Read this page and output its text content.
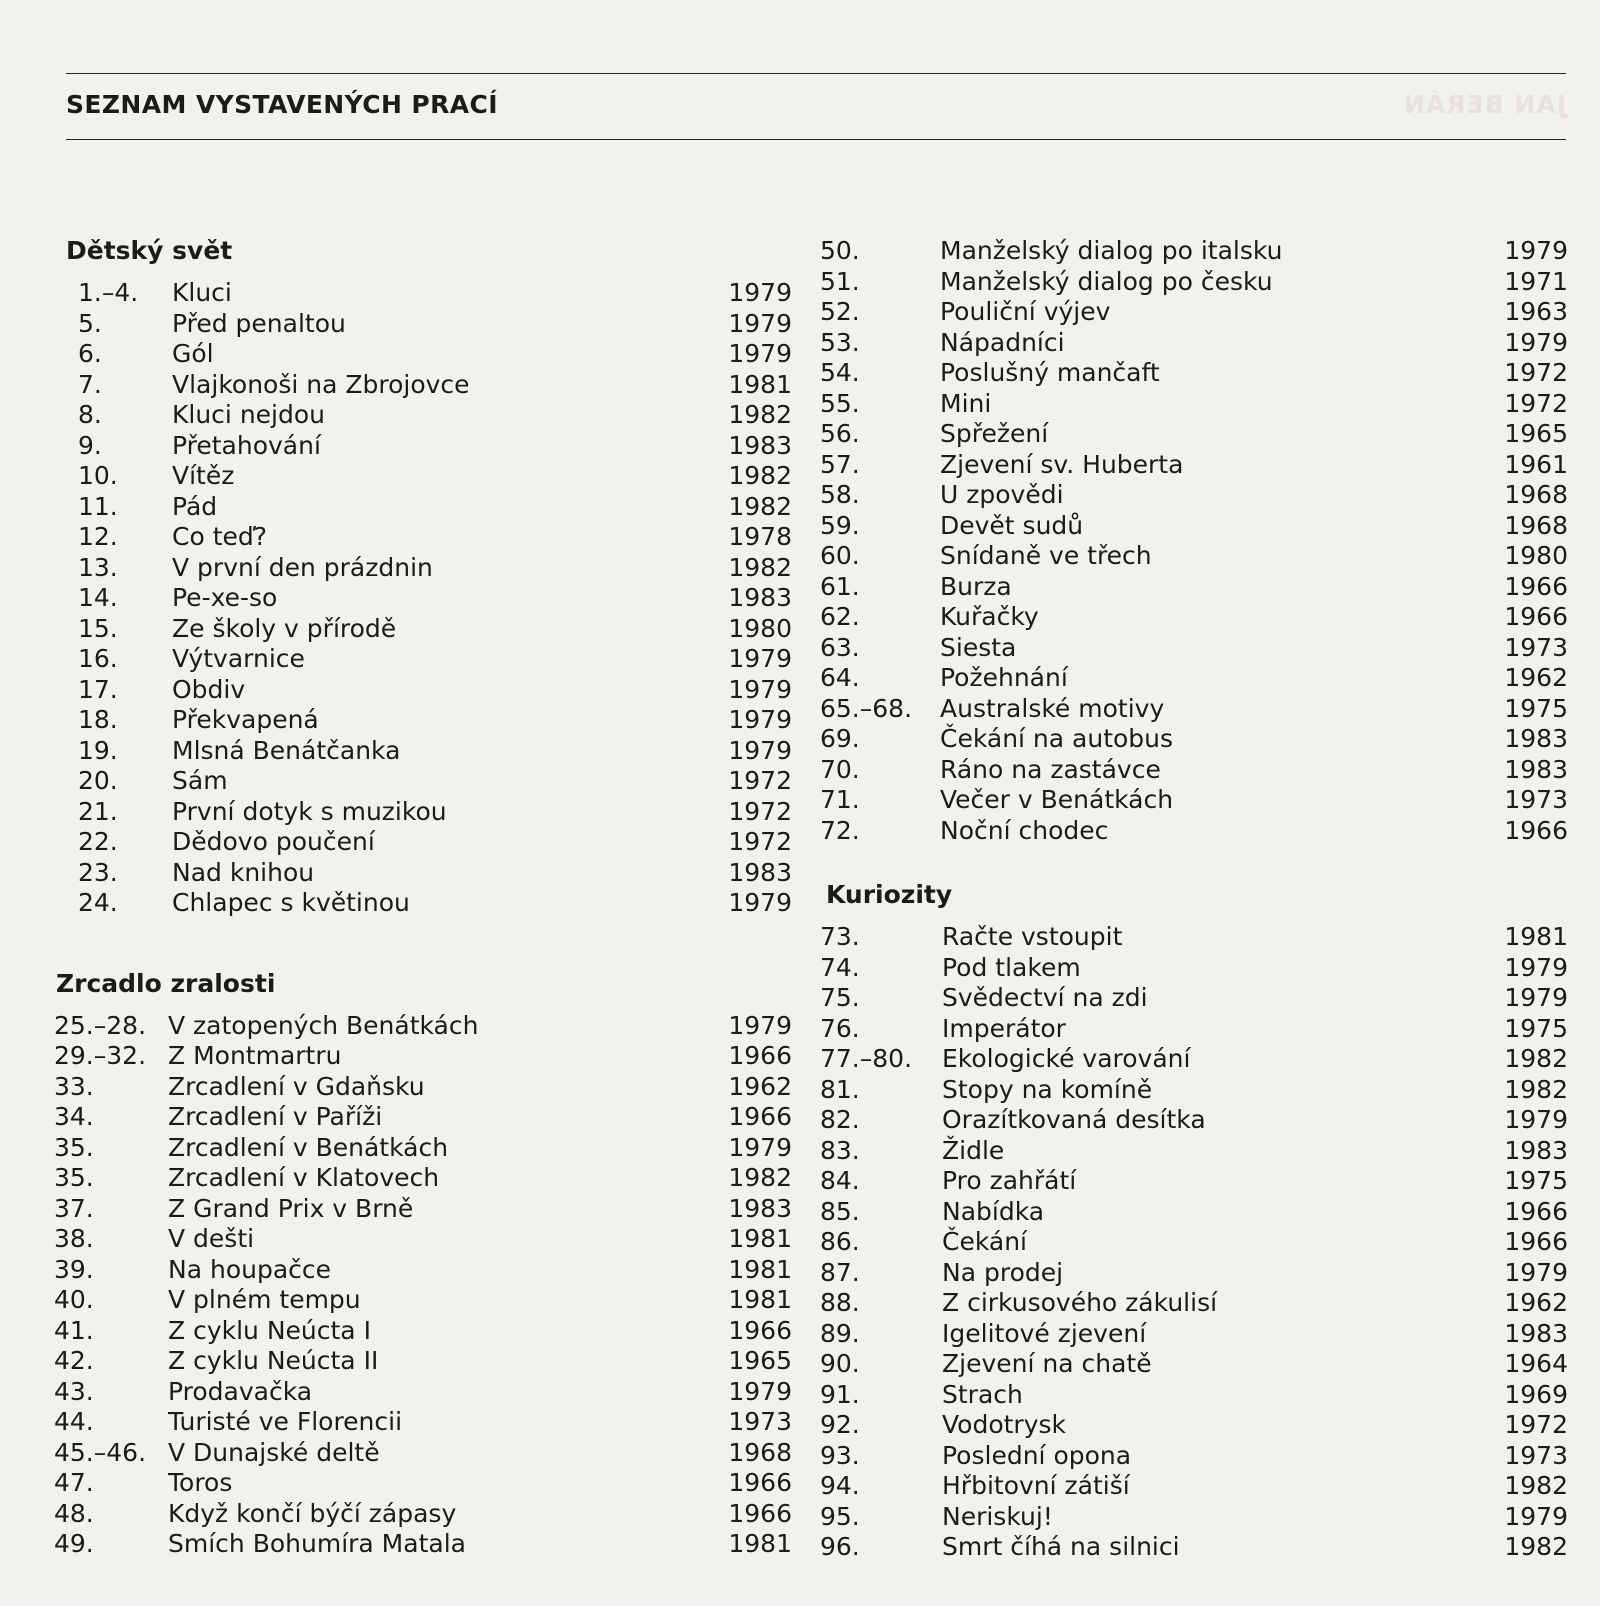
SEZNAM VYSTAVENÝCH PRACÍ	JAN BERÁN
Dětský svět
1.–4.	Kluci	1979
5.	Před penaltou	1979
6.	Gól	1979
7.	Vlajkonoši na Zbrojovce	1981
8.	Kluci nejdou	1982
9.	Přetahování	1983
10.	Vítěz	1982
11.	Pád	1982
12.	Co teď?	1978
13.	V první den prázdnin	1982
14.	Pe-xe-so	1983
15.	Ze školy v přírodě	1980
16.	Výtvarnice	1979
17.	Obdiv	1979
18.	Překvapená	1979
19.	Mlsná Benátčanka	1979
20.	Sám	1972
21.	První dotyk s muzikou	1972
22.	Dědovo poučení	1972
23.	Nad knihou	1983
24.	Chlapec s květinou	1979
Zrcadlo zralosti
25.–28. V zatopených Benátkách	1979
29.–32. Z Montmartru	1966
33.	Zrcadlení v Gdaňsku	1962
34.	Zrcadlení v Paříži	1966
35.	Zrcadlení v Benátkách	1979
35.	Zrcadlení v Klatovech	1982
37.	Z Grand Prix v Brně	1983
38.	V dešti	1981
39.	Na houpačce	1981
40.	V plném tempu	1981
41.	Z cyklu Neúcta I	1966
42.	Z cyklu Neúcta II	1965
43.	Prodavačka	1979
44.	Turisté ve Florencii	1973
45.–46. V Dunajské deltě	1968
47.	Toros	1966
48.	Když končí býčí zápasy	1966
49.	Smích Bohumíra Matala	1981
50.	Manželský dialog po italsku	1979
51.	Manželský dialog po česku	1971
52.	Pouliční výjev	1963
53.	Nápadníci	1979
54.	Poslušný mančaft	1972
55.	Mini	1972
56.	Spřežení	1965
57.	Zjevení sv. Huberta	1961
58.	U zpovědi	1968
59.	Devět sudů	1968
60.	Snídaně ve třech	1980
61.	Burza	1966
62.	Kuřačky	1966
63.	Siesta	1973
64.	Požehnání	1962
65.–68.	Australské motivy	1975
69.	Čekání na autobus	1983
70.	Ráno na zastávce	1983
71.	Večer v Benátkách	1973
72.	Noční chodec	1966
Kuriozity
73.	Račte vstoupit	1981
74.	Pod tlakem	1979
75.	Svědectví na zdi	1979
76.	Imperátor	1975
77.–80.	Ekologické varování	1982
81.	Stopy na komíně	1982
82.	Orazítkovaná desítka	1979
83.	Židle	1983
84.	Pro zahřátí	1975
85.	Nabídka	1966
86.	Čekání	1966
87.	Na prodej	1979
88.	Z cirkusového zákulisí	1962
89.	Igelitové zjevení	1983
90.	Zjevení na chatě	1964
91.	Strach	1969
92.	Vodotrysk	1972
93.	Poslední opona	1973
94.	Hřbitovní zátiší	1982
95.	Neriskuj!	1979
96.	Smrt číhá na silnici	1982
